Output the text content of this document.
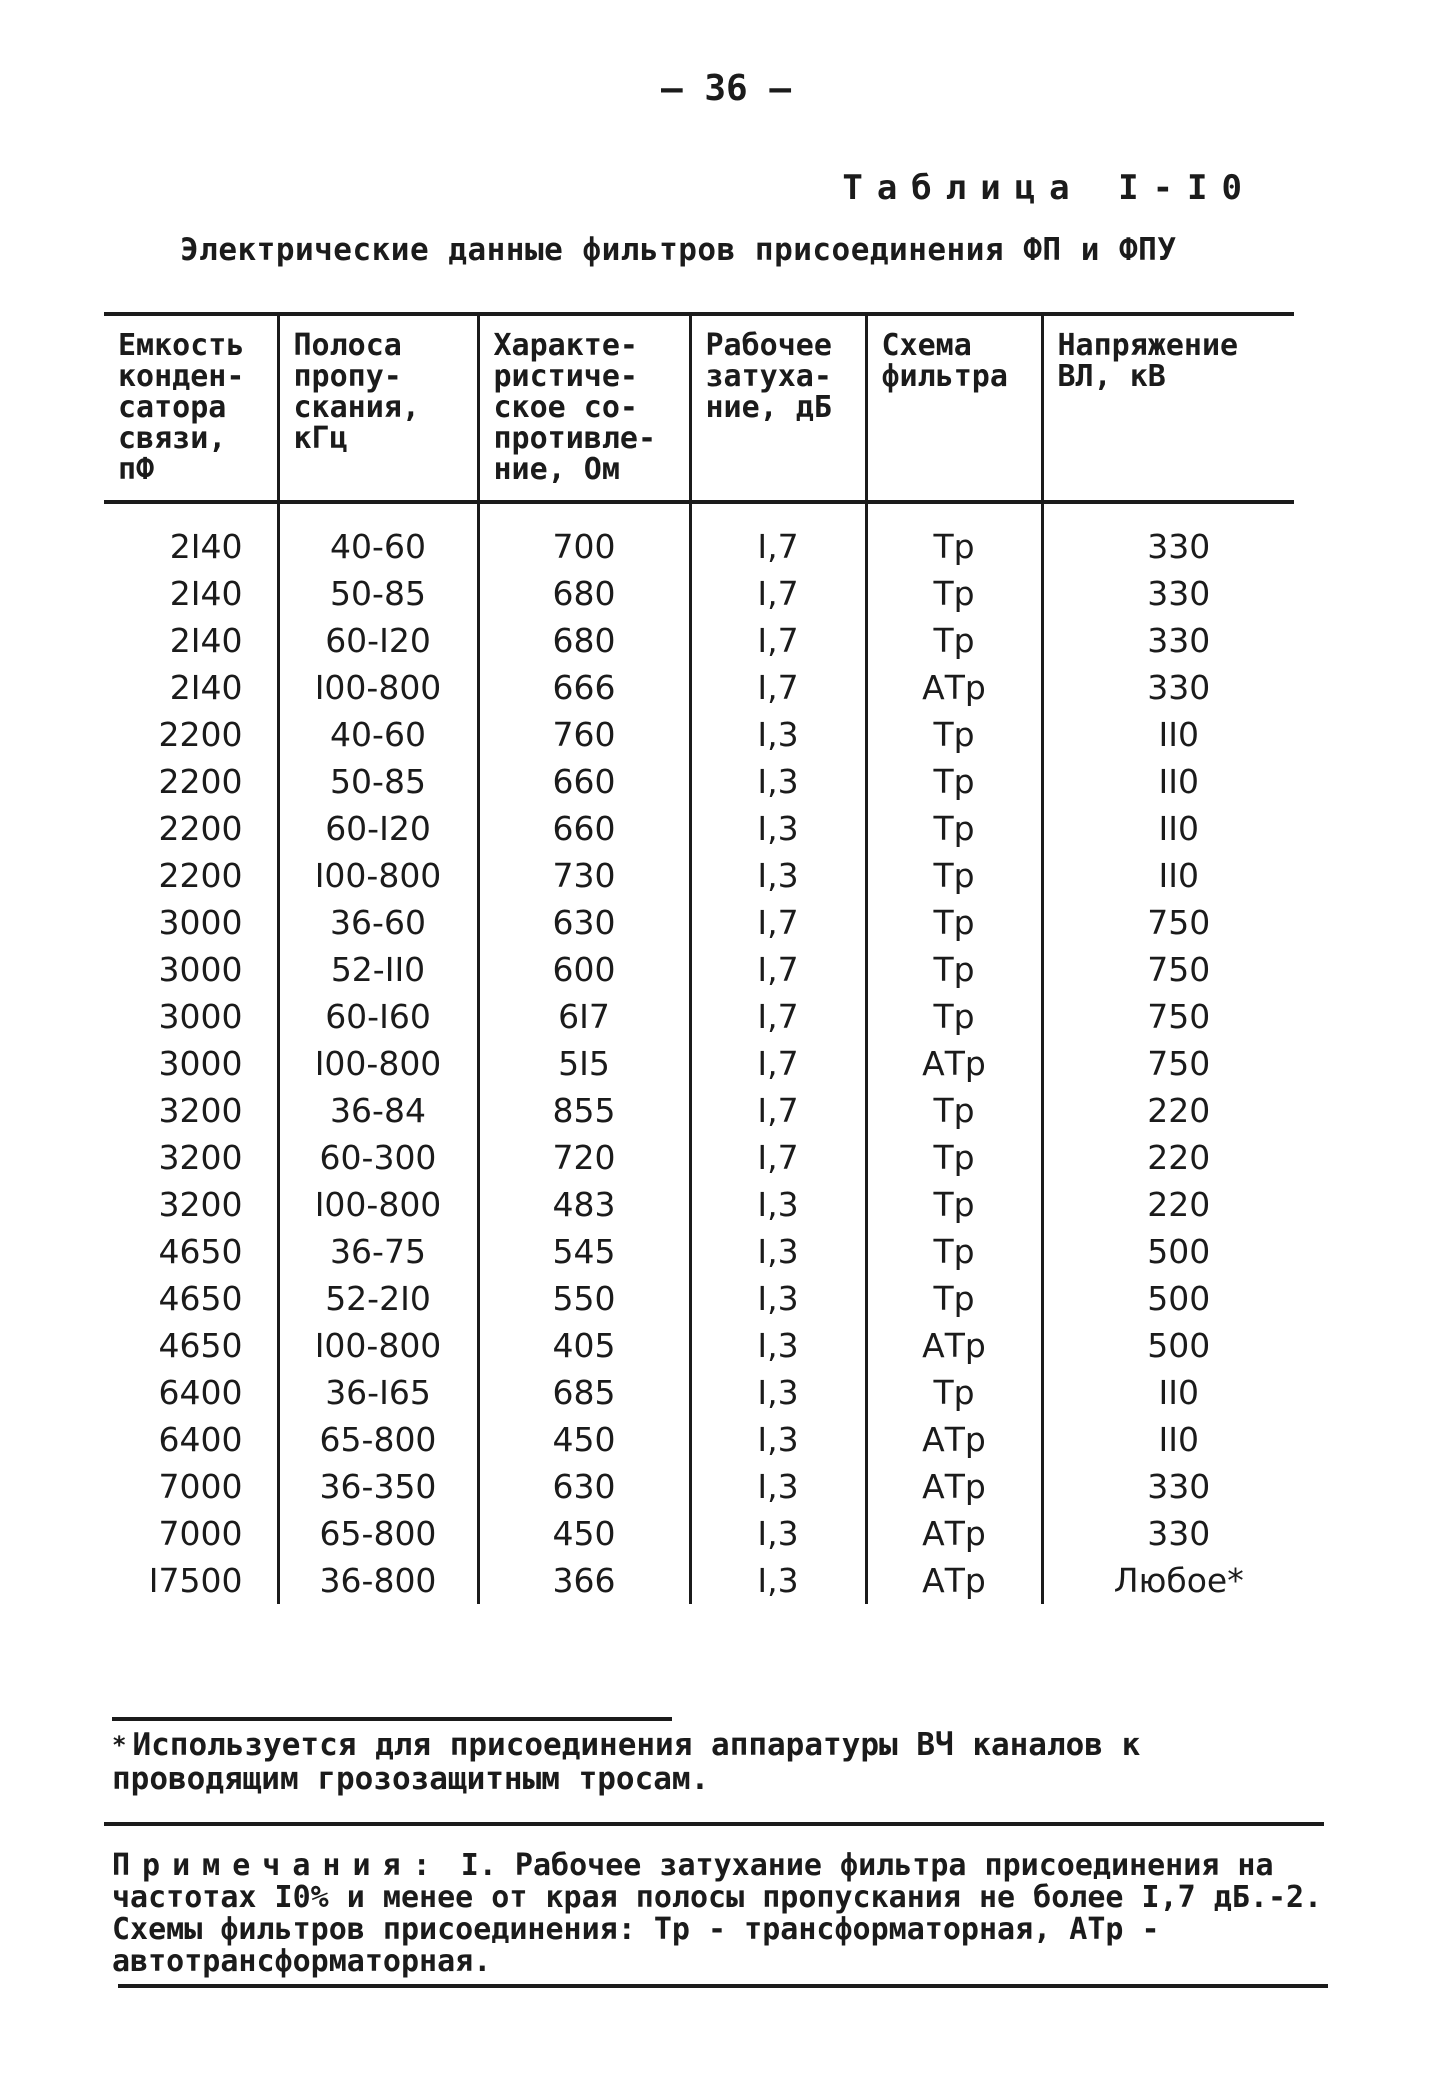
– 36 –
Таблица I-I0
Электрические данные фильтров присоединения ФП и ФПУ
Емкость конден- сатора связи, пФ	Полоса пропу- скания, кГц	Характе- ристиче- ское со- противле- ние, Ом	Рабочее затуха- ние, дБ	Схема фильтра	Напряжение ВЛ, кВ
2I40	40-60	700	I,7	Тр	330
2I40	50-85	680	I,7	Тр	330
2I40	60-I20	680	I,7	Тр	330
2I40	I00-800	666	I,7	АТр	330
2200	40-60	760	I,3	Тр	II0
2200	50-85	660	I,3	Тр	II0
2200	60-I20	660	I,3	Тр	II0
2200	I00-800	730	I,3	Тр	II0
3000	36-60	630	I,7	Тр	750
3000	52-II0	600	I,7	Тр	750
3000	60-I60	6I7	I,7	Тр	750
3000	I00-800	5I5	I,7	АТр	750
3200	36-84	855	I,7	Тр	220
3200	60-300	720	I,7	Тр	220
3200	I00-800	483	I,3	Тр	220
4650	36-75	545	I,3	Тр	500
4650	52-2I0	550	I,3	Тр	500
4650	I00-800	405	I,3	АТр	500
6400	36-I65	685	I,3	Тр	II0
6400	65-800	450	I,3	АТр	II0
7000	36-350	630	I,3	АТр	330
7000	65-800	450	I,3	АТр	330
I7500	36-800	366	I,3	АТр	Любое*
* Используется для присоединения аппаратуры ВЧ каналов к проводящим грозозащитным тросам.
Примечания: I. Рабочее затухание фильтра присоединения на частотах I0% и менее от края полосы пропускания не более I,7 дБ.-2. Схемы фильтров присоединения: Тр - трансформаторная, АТр - автотрансформаторная.
